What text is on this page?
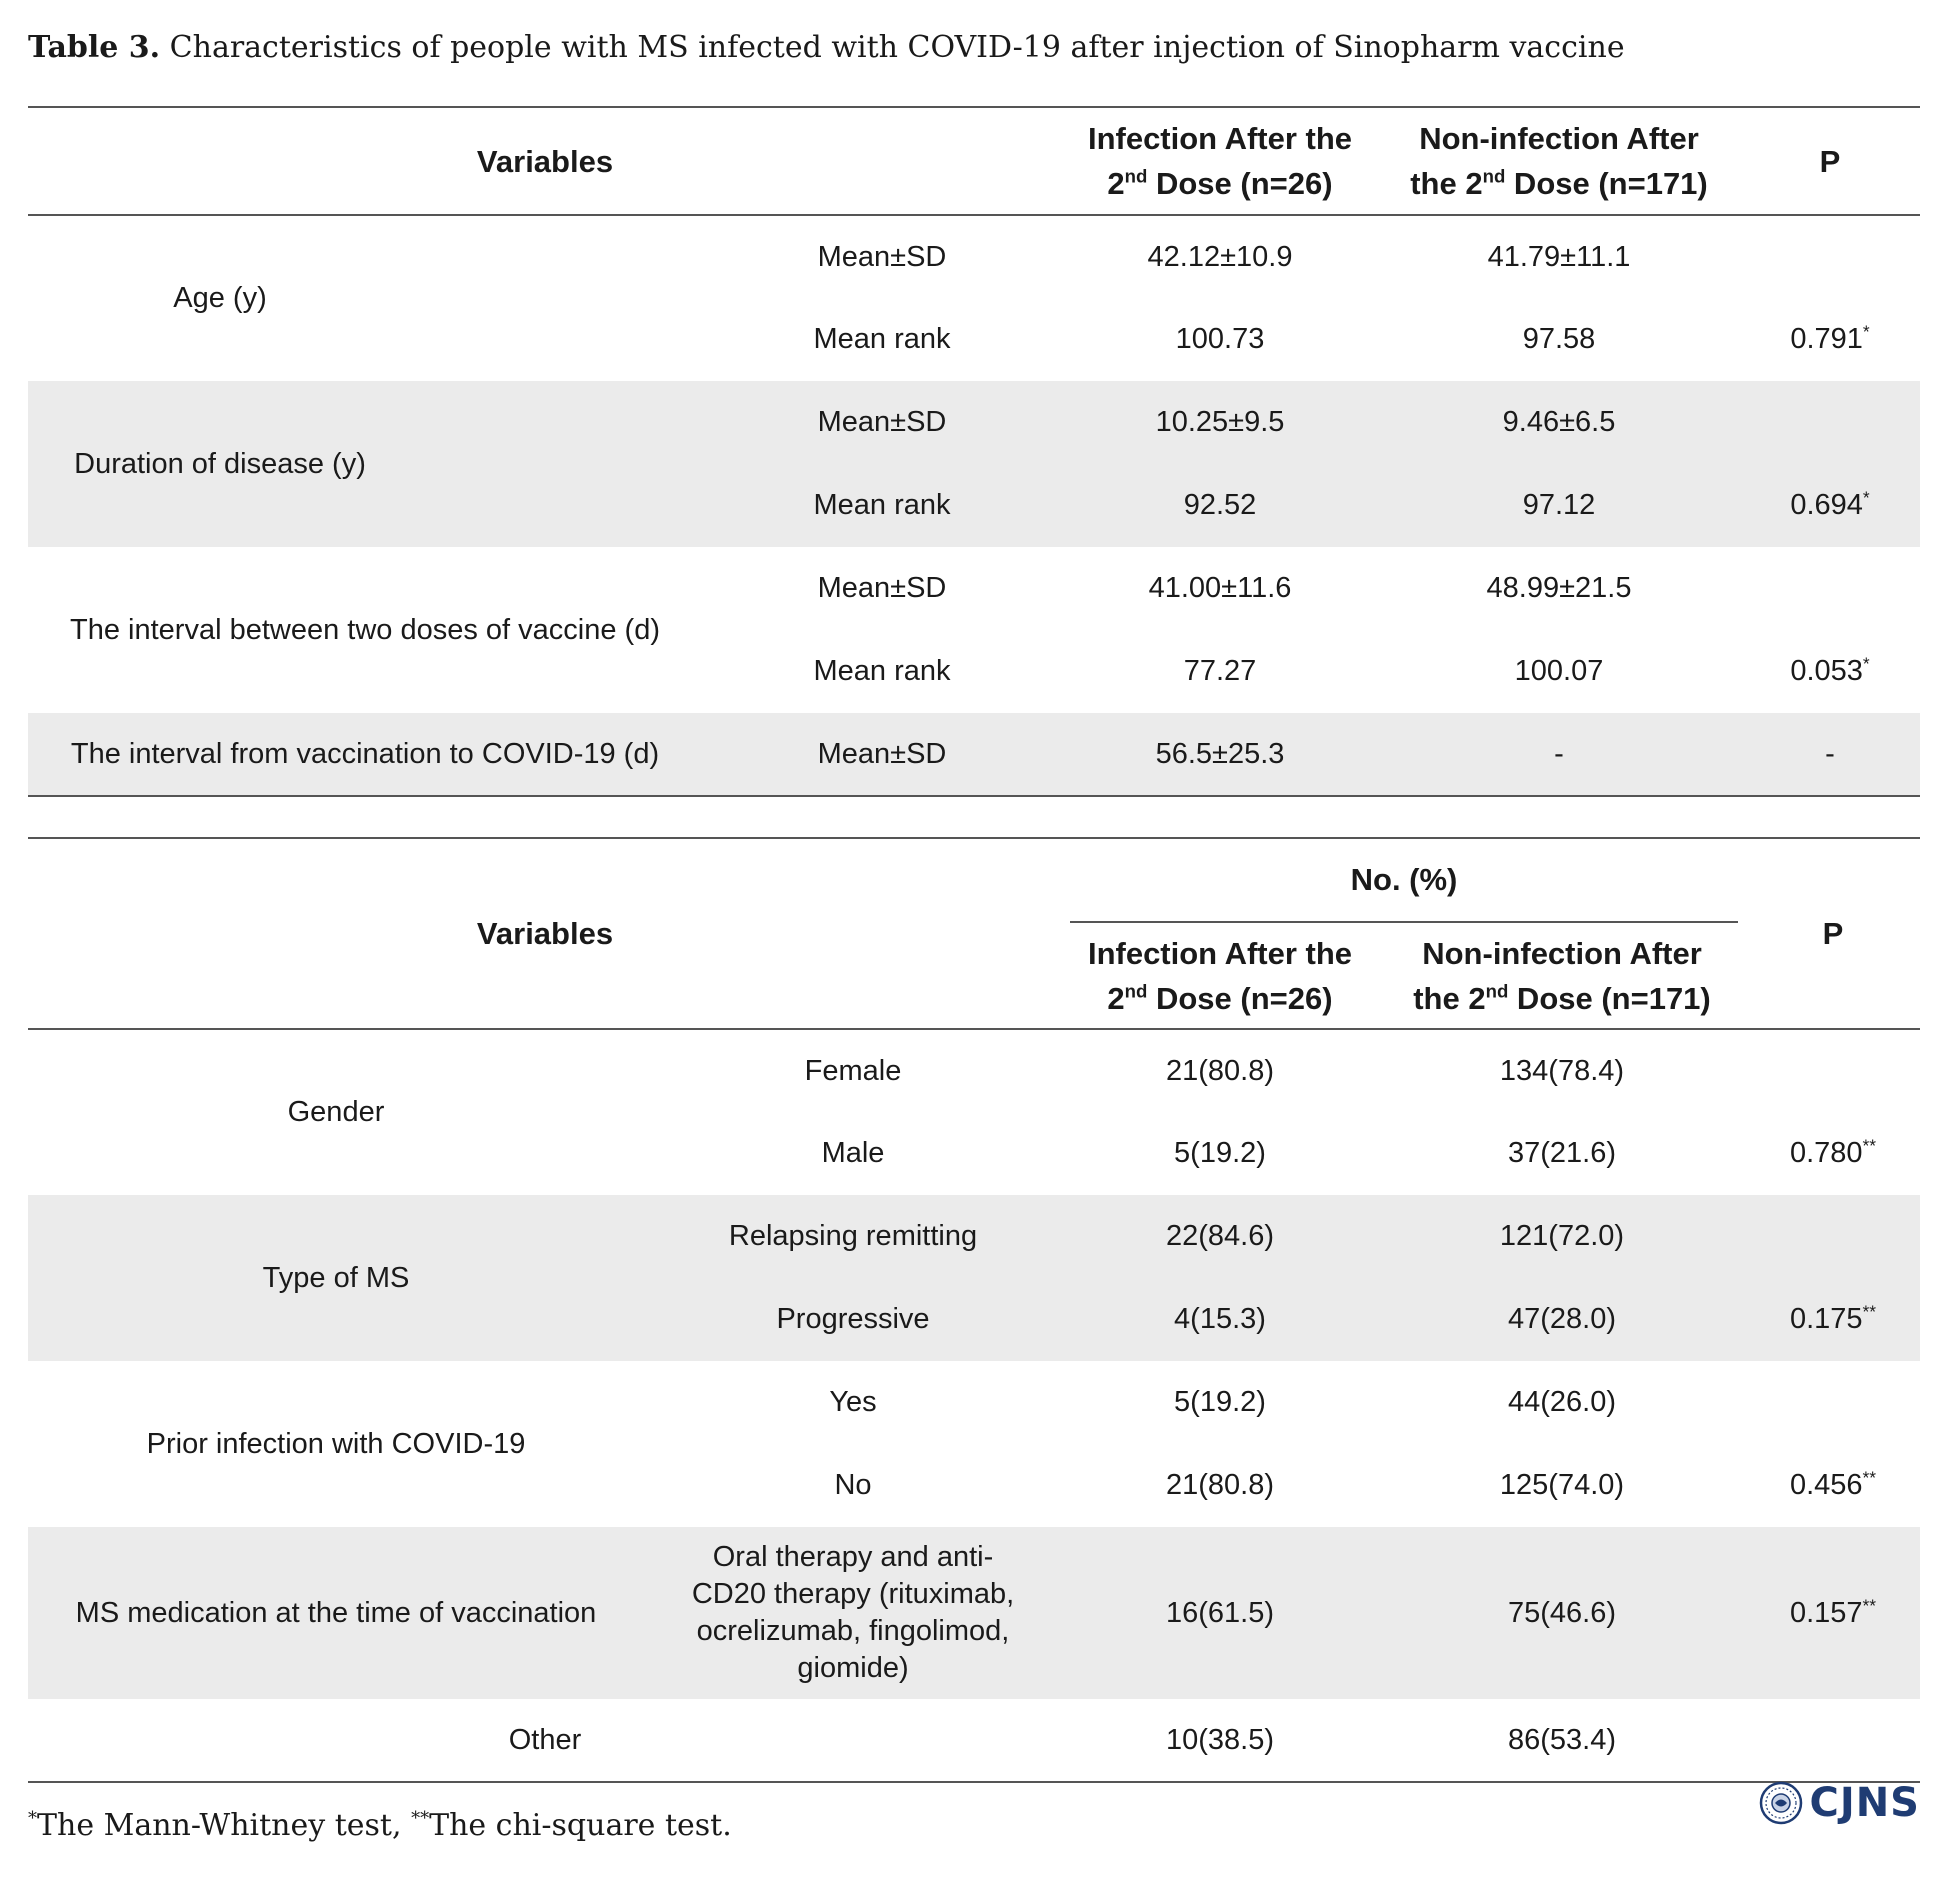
Table 3. Characteristics of people with MS infected with COVID-19 after injection of Sinopharm vaccine
Variables		Infection After the
2nd Dose (n=26)	Non-infection After
the 2nd Dose (n=171)	P
Age (y)	Mean±SD	42.12±10.9	41.79±11.1	
	Mean rank	100.73	97.58	0.791*
Duration of disease (y)	Mean±SD	10.25±9.5	9.46±6.5	
	Mean rank	92.52	97.12	0.694*
The interval between two doses of vaccine (d)	Mean±SD	41.00±11.6	48.99±21.5	
	Mean rank	77.27	100.07	0.053*
The interval from vaccination to COVID-19 (d)	Mean±SD	56.5±25.3	-	-
Variables		No. (%)		P
		Infection After the
2nd Dose (n=26)	Non-infection After
the 2nd Dose (n=171)	
Gender	Female	21(80.8)	134(78.4)	
	Male	5(19.2)	37(21.6)	0.780**
Type of MS	Relapsing remitting	22(84.6)	121(72.0)	
	Progressive	4(15.3)	47(28.0)	0.175**
Prior infection with COVID-19	Yes	5(19.2)	44(26.0)	
	No	21(80.8)	125(74.0)	0.456**
MS medication at the time of vaccination	Oral therapy and anti-
CD20 therapy (rituximab,
ocrelizumab, fingolimod,
giomide)	16(61.5)	75(46.6)	0.157**
Other		10(38.5)	86(53.4)	
*The Mann-Whitney test, **The chi-square test.	CJNS
